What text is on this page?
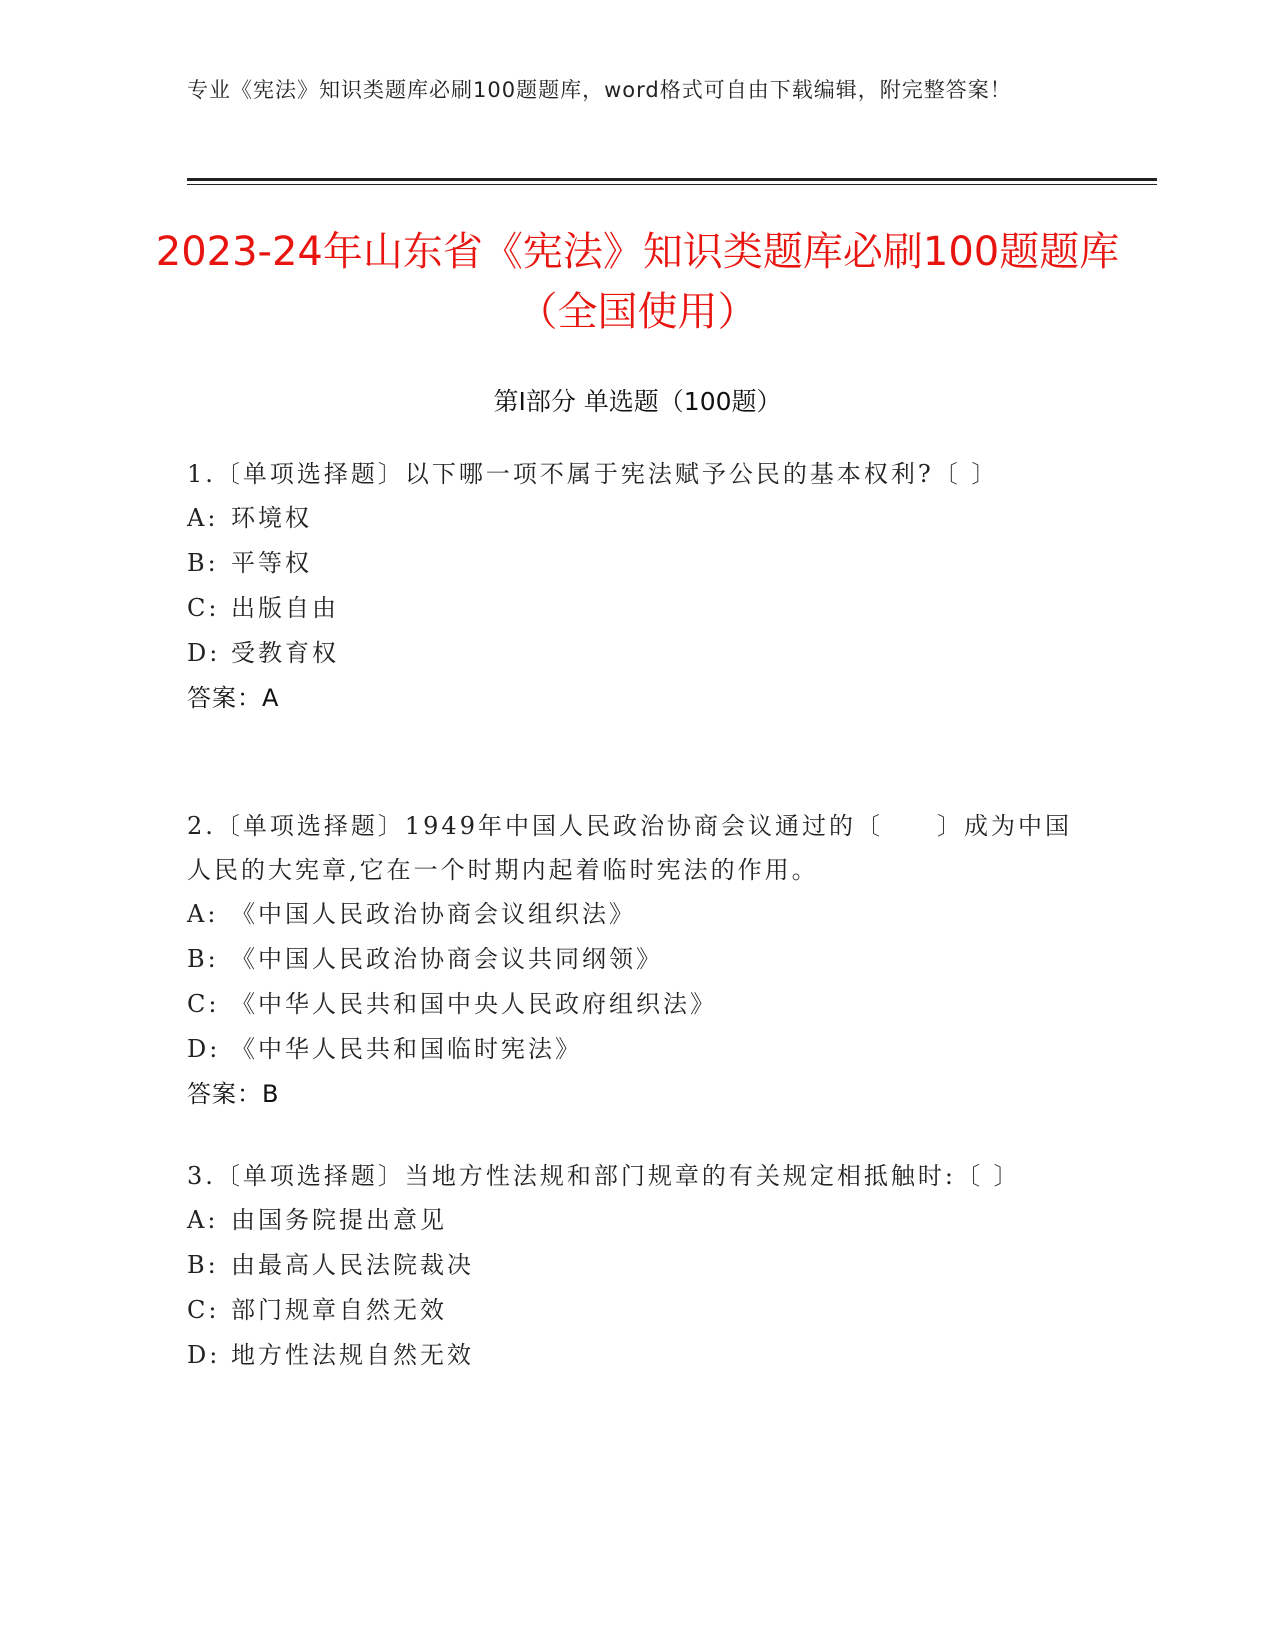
专业《宪法》知识类题库必刷100题题库，word格式可自由下载编辑，附完整答案！
2023-24年山东省《宪法》知识类题库必刷100题题库（全国使用）
第Ⅰ部分 单选题（100题）
1.〔单项选择题〕以下哪一项不属于宪法赋予公民的基本权利?〔 〕
A: 环境权
B: 平等权
C: 出版自由
D: 受教育权
答案：A
2.〔单项选择题〕1949年中国人民政治协商会议通过的〔　　〕成为中国人民的大宪章,它在一个时期内起着临时宪法的作用。
A: 《中国人民政治协商会议组织法》
B: 《中国人民政治协商会议共同纲领》
C: 《中华人民共和国中央人民政府组织法》
D: 《中华人民共和国临时宪法》
答案：B
3.〔单项选择题〕当地方性法规和部门规章的有关规定相抵触时:〔 〕
A: 由国务院提出意见
B: 由最高人民法院裁决
C: 部门规章自然无效
D: 地方性法规自然无效
